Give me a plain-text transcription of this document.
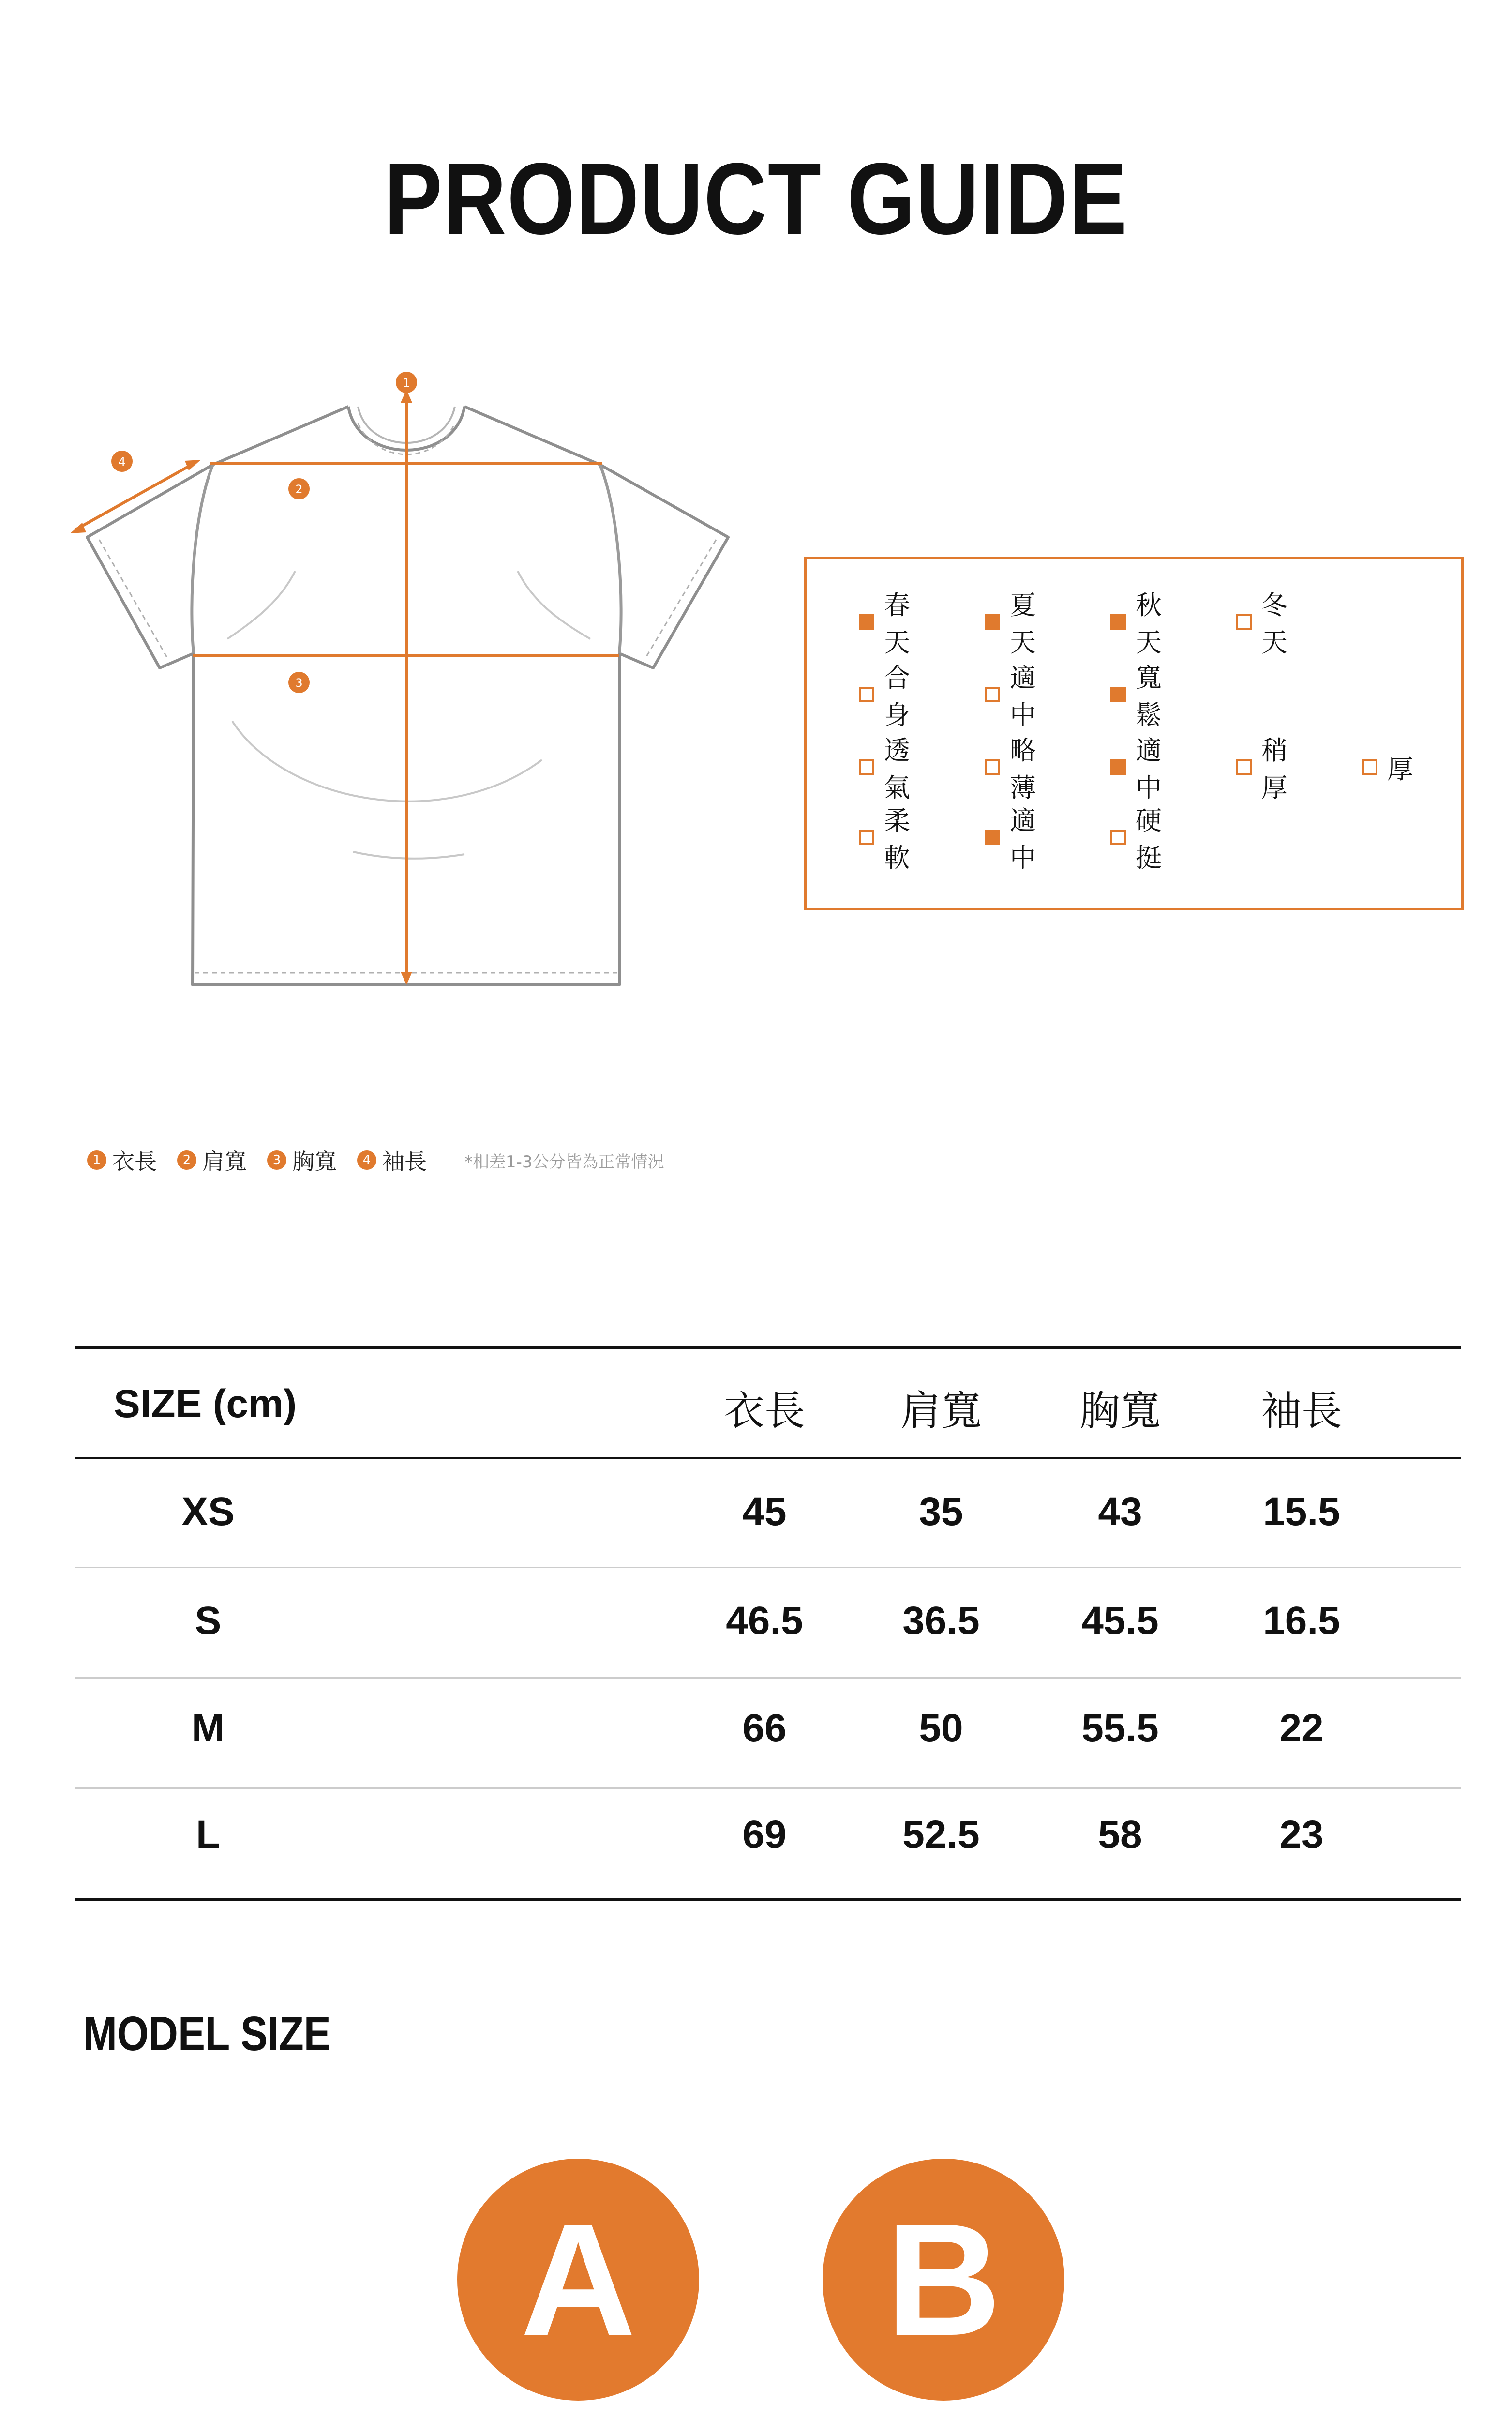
PRODUCT GUIDE
1
2
3
4
春天
夏天
秋天
冬天
合身
適中
寬鬆
透氣
略薄
適中
稍厚
厚
柔軟
適中
硬挺
1 衣長	2 肩寬	3 胸寬	4 袖長 *相差1-3公分皆為正常情況
SIZE (cm)	衣長	肩寬	胸寬	袖長
XS	45	35	43	15.5
S	46.5	36.5	45.5	16.5
M	66	50	55.5	22
L	69	52.5	58	23
MODEL SIZE
A	B
